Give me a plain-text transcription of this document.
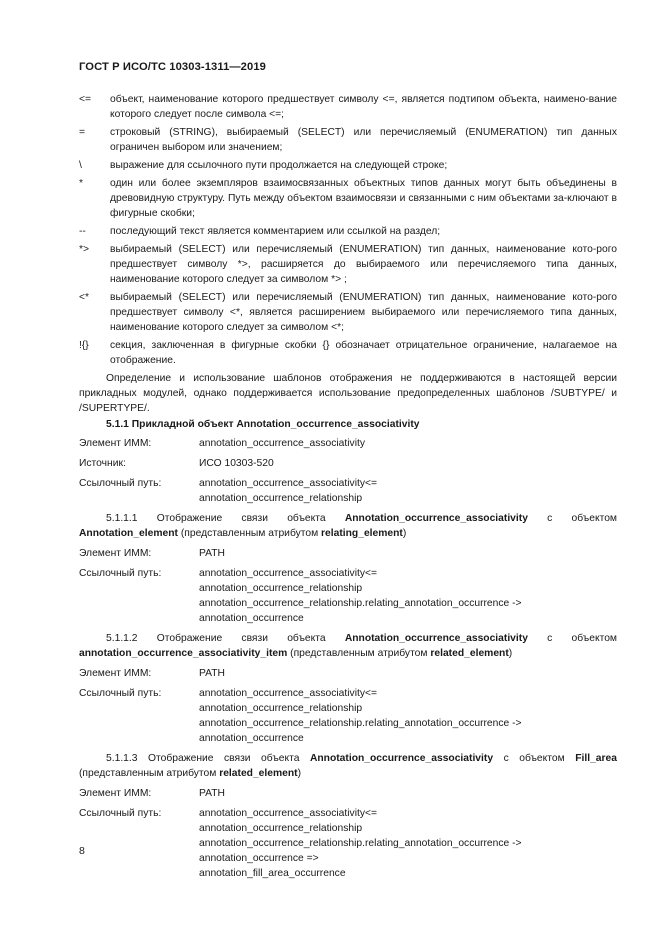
ГОСТ Р ИСО/ТС 10303-1311—2019
<=	объект, наименование которого предшествует символу <=, является подтипом объекта, наимено-вание которого следует после символа <=;
=	строковый (STRING), выбираемый (SELECT) или перечисляемый (ENUMERATION) тип данных ограничен выбором или значением;
\	выражение для ссылочного пути продолжается на следующей строке;
*	один или более экземпляров взаимосвязанных объектных типов данных могут быть объединены в древовидную структуру. Путь между объектом взаимосвязи и связанными с ним объектами за-ключают в фигурные скобки;
--	последующий текст является комментарием или ссылкой на раздел;
*>	выбираемый (SELECT) или перечисляемый (ENUMERATION) тип данных, наименование кото-рого предшествует символу *>, расширяется до выбираемого или перечисляемого типа данных, наименование которого следует за символом *> ;
<*	выбираемый (SELECT) или перечисляемый (ENUMERATION) тип данных, наименование кото-рого предшествует символу <*, является расширением выбираемого или перечисляемого типа данных, наименование которого следует за символом <*;
!{}	секция, заключенная в фигурные скобки {} обозначает отрицательное ограничение, налагаемое на отображение.
Определение и использование шаблонов отображения не поддерживаются в настоящей версии прикладных модулей, однако поддерживается использование предопределенных шаблонов /SUBTYPE/ и /SUPERTYPE/.
5.1.1 Прикладной объект Annotation_occurrence_associativity
Элемент ИММ:	annotation_occurrence_associativity
Источник:	ИСО 10303-520
Ссылочный путь:	annotation_occurrence_associativity<=
annotation_occurrence_relationship
5.1.1.1 Отображение связи объекта Annotation_occurrence_associativity с объектом Annotation_element (представленным атрибутом relating_element)
Элемент ИММ:	PATH
Ссылочный путь:	annotation_occurrence_associativity<=
annotation_occurrence_relationship
annotation_occurrence_relationship.relating_annotation_occurrence ->
annotation_occurrence
5.1.1.2 Отображение связи объекта Annotation_occurrence_associativity с объектом annotation_occurrence_associativity_item (представленным атрибутом related_element)
Элемент ИММ:	PATH
Ссылочный путь:	annotation_occurrence_associativity<=
annotation_occurrence_relationship
annotation_occurrence_relationship.relating_annotation_occurrence ->
annotation_occurrence
5.1.1.3 Отображение связи объекта Annotation_occurrence_associativity с объектом Fill_area (представленным атрибутом related_element)
Элемент ИММ:	PATH
Ссылочный путь:	annotation_occurrence_associativity<=
annotation_occurrence_relationship
annotation_occurrence_relationship.relating_annotation_occurrence ->
annotation_occurrence =>
annotation_fill_area_occurrence
8
